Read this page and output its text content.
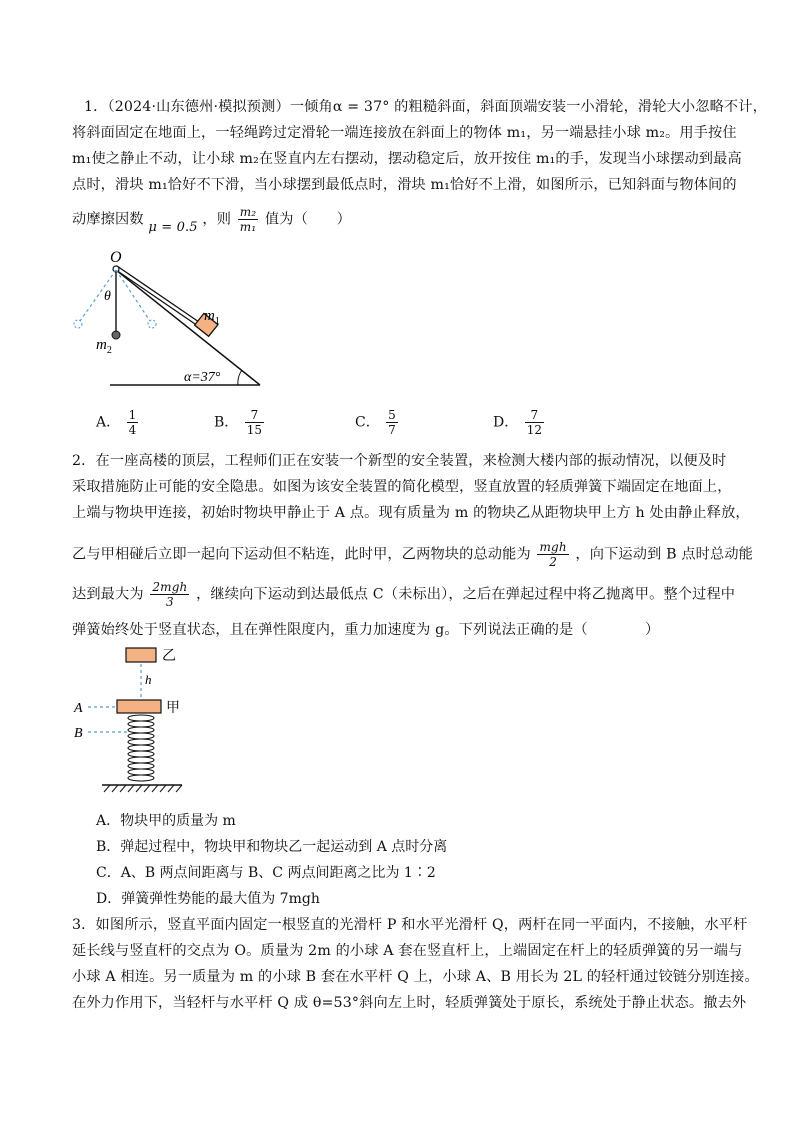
1．（2024·山东德州·模拟预测）一倾角α = 37° 的粗糙斜面，斜面顶端安装一小滑轮，滑轮大小忽略不计，
将斜面固定在地面上，一轻绳跨过定滑轮一端连接放在斜面上的物体 m₁，另一端悬挂小球 m₂。用手按住
m₁使之静止不动，让小球 m₂在竖直内左右摆动，摆动稳定后，放开按住 m₁的手，发现当小球摆动到最高
点时，滑块 m₁恰好不下滑，当小球摆到最低点时，滑块 m₁恰好不上滑，如图所示，已知斜面与物体间的
动摩擦因数 μ = 0.5 ，则 $\frac{\text{m₂}}{\text{m₁}}$ 值为（　　）
O
θ
$m_1$
$m_2$
α=37°
A． $\frac{1}{4}$	B． $\frac{7}{15}$	C． $\frac{5}{7}$	D． $\frac{7}{12}$
2．在一座高楼的顶层，工程师们正在安装一个新型的安全装置，来检测大楼内部的振动情况，以便及时
采取措施防止可能的安全隐患。如图为该安全装置的简化模型，竖直放置的轻质弹簧下端固定在地面上，
上端与物块甲连接，初始时物块甲静止于 A 点。现有质量为 m 的物块乙从距物块甲上方 h 处由静止释放，
乙与甲相碰后立即一起向下运动但不粘连，此时甲，乙两物块的总动能为 $\frac{\text{mgh}}{2}$ ，向下运动到 B 点时总动能
达到最大为 $\frac{\text{2mgh}}{3}$ ，继续向下运动到达最低点 C（未标出），之后在弹起过程中将乙抛离甲。整个过程中
弹簧始终处于竖直状态，且在弹性限度内，重力加速度为 g。下列说法正确的是（　　　　）
乙
h
甲
A
B
A．物块甲的质量为 m
B．弹起过程中，物块甲和物块乙一起运动到 A 点时分离
C．A、B 两点间距离与 B、C 两点间距离之比为 1∶2
D．弹簧弹性势能的最大值为 7mgh
3．如图所示，竖直平面内固定一根竖直的光滑杆 P 和水平光滑杆 Q，两杆在同一平面内，不接触，水平杆
延长线与竖直杆的交点为 O。质量为 2m 的小球 A 套在竖直杆上，上端固定在杆上的轻质弹簧的另一端与
小球 A 相连。另一质量为 m 的小球 B 套在水平杆 Q 上，小球 A、B 用长为 2L 的轻杆通过铰链分别连接。
在外力作用下，当轻杆与水平杆 Q 成 θ=53°斜向左上时，轻质弹簧处于原长，系统处于静止状态。撤去外
